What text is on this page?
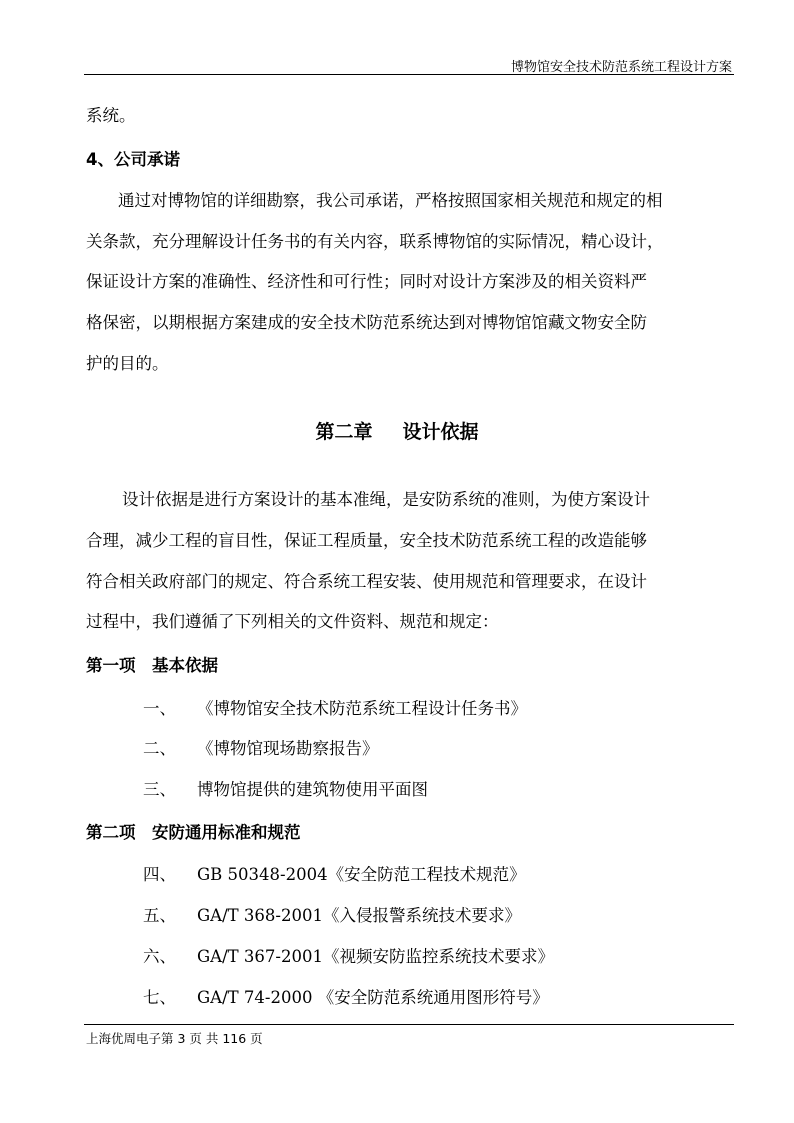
博物馆安全技术防范系统工程设计方案
系统。
4、公司承诺
通过对博物馆的详细勘察，我公司承诺，严格按照国家相关规范和规定的相
关条款，充分理解设计任务书的有关内容，联系博物馆的实际情况，精心设计，
保证设计方案的准确性、经济性和可行性；同时对设计方案涉及的相关资料严
格保密，以期根据方案建成的安全技术防范系统达到对博物馆馆藏文物安全防
护的目的。
第二章 设计依据
设计依据是进行方案设计的基本准绳，是安防系统的准则，为使方案设计
合理，减少工程的盲目性，保证工程质量，安全技术防范系统工程的改造能够
符合相关政府部门的规定、符合系统工程安装、使用规范和管理要求，在设计
过程中，我们遵循了下列相关的文件资料、规范和规定：
第一项　基本依据
一、 《博物馆安全技术防范系统工程设计任务书》
二、 《博物馆现场勘察报告》
三、 博物馆提供的建筑物使用平面图
第二项　安防通用标准和规范
四、 GB 50348-2004《安全防范工程技术规范》
五、 GA/T 368-2001《入侵报警系统技术要求》
六、 GA/T 367-2001《视频安防监控系统技术要求》
七、 GA/T 74-2000 《安全防范系统通用图形符号》
上海优周电子第 3 页 共 116 页
